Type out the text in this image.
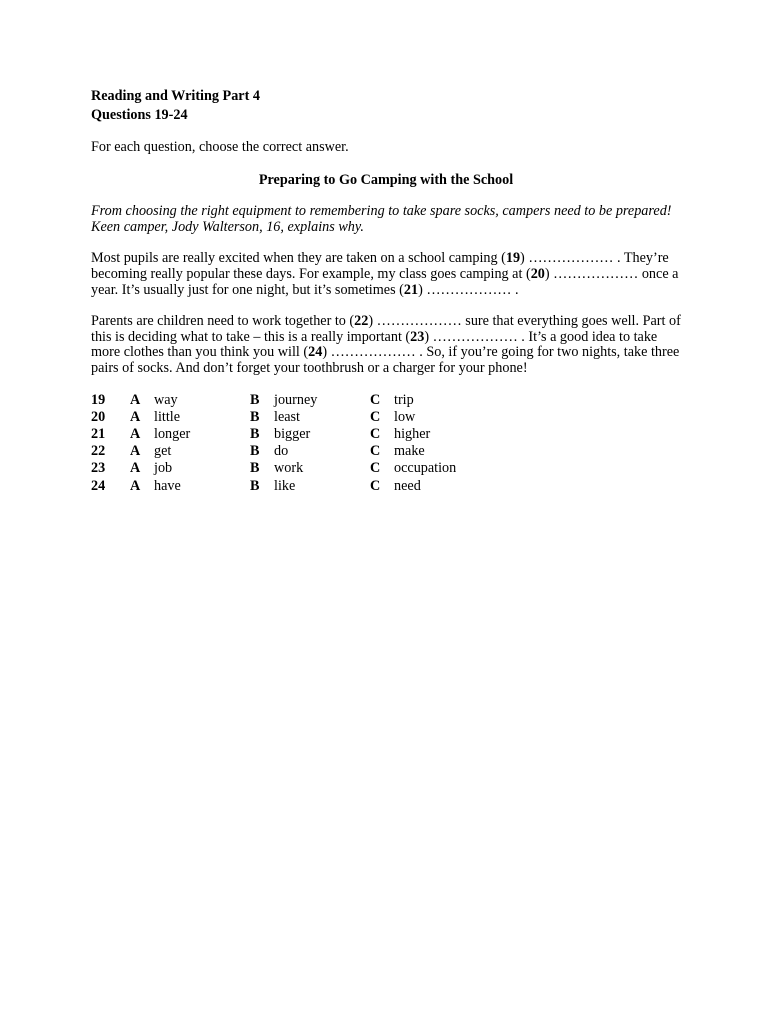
Reading and Writing Part 4
Questions 19-24

For each question, choose the correct answer.

Preparing to Go Camping with the School

From choosing the right equipment to remembering to take spare socks, campers need to be prepared!

Keen camper, Jody Walterson, 16, explains why.

Most pupils are really excited when they are taken on a school camping (19) ……………… . They’re becoming really popular these days. For example, my class goes camping at (20) ……………… once a year. It’s usually just for one night, but it’s sometimes (21) ……………… .

Parents are children need to work together to (22) ……………… sure that everything goes well. Part of this is deciding what to take – this is a really important (23) ……………… . It’s a good idea to take more clothes than you think you will (24) ……………… . So, if you’re going for two nights, take three pairs of socks. And don’t forget your toothbrush or a charger for your phone!

19	A	way	B	journey	C	trip
20	A	little	B	least	C	low
21	A	longer	B	bigger	C	higher
22	A	get	B	do	C	make
23	A	job	B	work	C	occupation
24	A	have	B	like	C	need
